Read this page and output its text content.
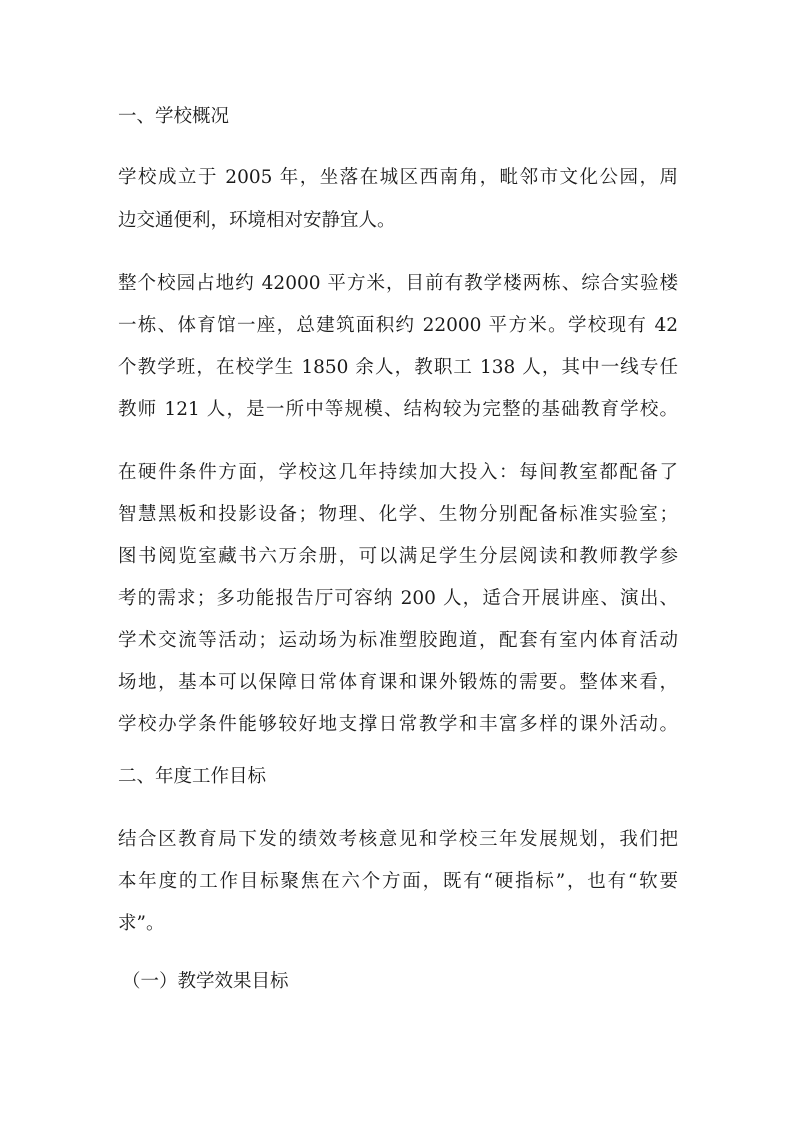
一、学校概况
学校成立于 2005 年，坐落在城区西南角，毗邻市文化公园，周
边交通便利，环境相对安静宜人。
整个校园占地约 42000 平方米，目前有教学楼两栋、综合实验楼
一栋、体育馆一座，总建筑面积约 22000 平方米。学校现有 42
个教学班，在校学生 1850 余人，教职工 138 人，其中一线专任
教师 121 人，是一所中等规模、结构较为完整的基础教育学校。
在硬件条件方面，学校这几年持续加大投入：每间教室都配备了
智慧黑板和投影设备；物理、化学、生物分别配备标准实验室；
图书阅览室藏书六万余册，可以满足学生分层阅读和教师教学参
考的需求；多功能报告厅可容纳 200 人，适合开展讲座、演出、
学术交流等活动；运动场为标准塑胶跑道，配套有室内体育活动
场地，基本可以保障日常体育课和课外锻炼的需要。整体来看，
学校办学条件能够较好地支撑日常教学和丰富多样的课外活动。
二、年度工作目标
结合区教育局下发的绩效考核意见和学校三年发展规划，我们把
本年度的工作目标聚焦在六个方面，既有“硬指标”，也有“软要
求”。
（一）教学效果目标
